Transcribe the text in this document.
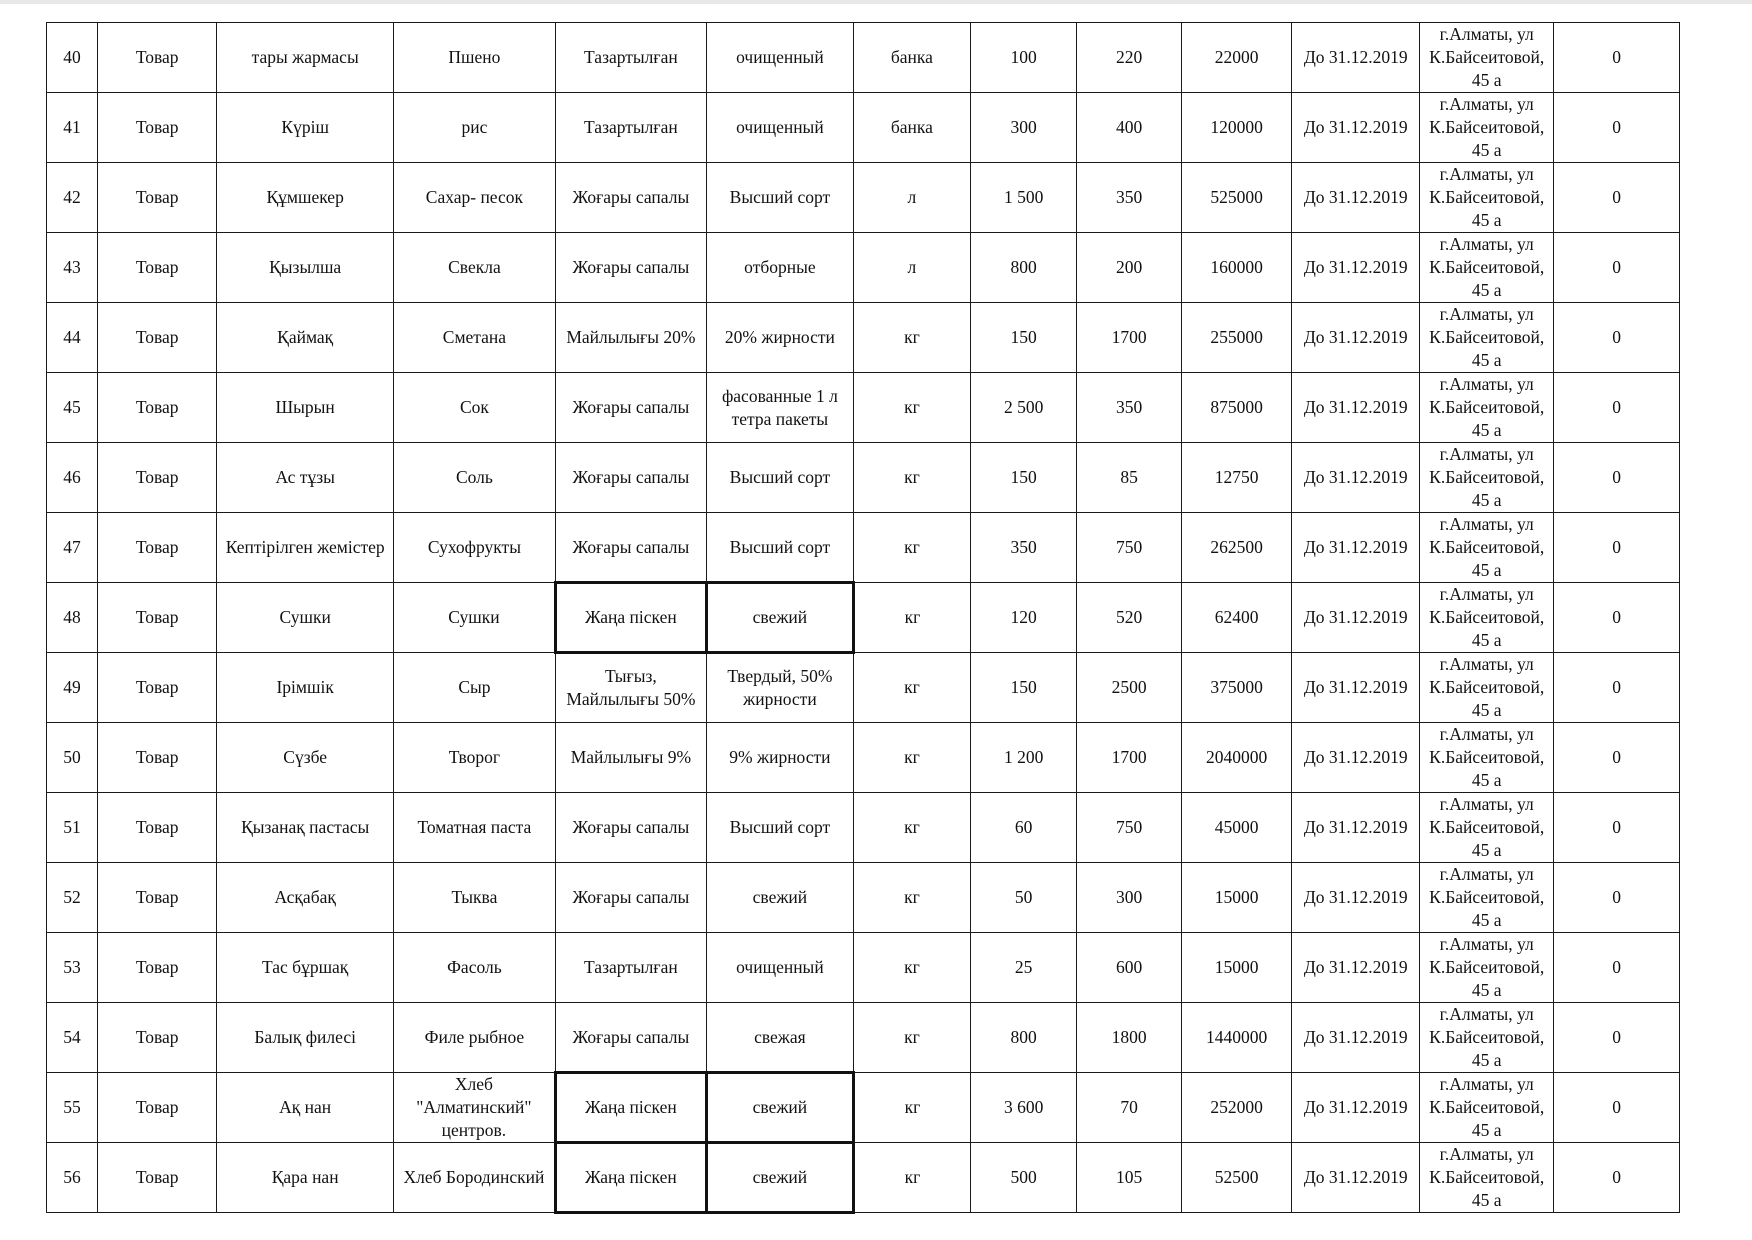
40	Товар	тары жармасы	Пшено	Тазартылған	очищенный	банка	100	220	22000	До 31.12.2019	г.Алматы, ул
К.Байсеитовой,
45 а	0
41	Товар	Күріш	рис	Тазартылған	очищенный	банка	300	400	120000	До 31.12.2019	г.Алматы, ул
К.Байсеитовой,
45 а	0
42	Товар	Құмшекер	Сахар- песок	Жоғары сапалы	Высший сорт	л	1 500	350	525000	До 31.12.2019	г.Алматы, ул
К.Байсеитовой,
45 а	0
43	Товар	Қызылша	Свекла	Жоғары сапалы	отборные	л	800	200	160000	До 31.12.2019	г.Алматы, ул
К.Байсеитовой,
45 а	0
44	Товар	Қаймақ	Сметана	Майлылығы 20%	20% жирности	кг	150	1700	255000	До 31.12.2019	г.Алматы, ул
К.Байсеитовой,
45 а	0
45	Товар	Шырын	Сок	Жоғары сапалы	фасованные 1 л тетра пакеты	кг	2 500	350	875000	До 31.12.2019	г.Алматы, ул
К.Байсеитовой,
45 а	0
46	Товар	Ас тұзы	Соль	Жоғары сапалы	Высший сорт	кг	150	85	12750	До 31.12.2019	г.Алматы, ул
К.Байсеитовой,
45 а	0
47	Товар	Кептірілген жемістер	Сухофрукты	Жоғары сапалы	Высший сорт	кг	350	750	262500	До 31.12.2019	г.Алматы, ул
К.Байсеитовой,
45 а	0
48	Товар	Сушки	Сушки	Жаңа піскен	свежий	кг	120	520	62400	До 31.12.2019	г.Алматы, ул
К.Байсеитовой,
45 а	0
49	Товар	Ірімшік	Сыр	Тығыз, Майлылығы 50%	Твердый, 50% жирности	кг	150	2500	375000	До 31.12.2019	г.Алматы, ул
К.Байсеитовой,
45 а	0
50	Товар	Сүзбе	Творог	Майлылығы 9%	9% жирности	кг	1 200	1700	2040000	До 31.12.2019	г.Алматы, ул
К.Байсеитовой,
45 а	0
51	Товар	Қызанақ пастасы	Томатная паста	Жоғары сапалы	Высший сорт	кг	60	750	45000	До 31.12.2019	г.Алматы, ул
К.Байсеитовой,
45 а	0
52	Товар	Асқабақ	Тыква	Жоғары сапалы	свежий	кг	50	300	15000	До 31.12.2019	г.Алматы, ул
К.Байсеитовой,
45 а	0
53	Товар	Тас бұршақ	Фасоль	Тазартылған	очищенный	кг	25	600	15000	До 31.12.2019	г.Алматы, ул
К.Байсеитовой,
45 а	0
54	Товар	Балық филесі	Филе рыбное	Жоғары сапалы	свежая	кг	800	1800	1440000	До 31.12.2019	г.Алматы, ул
К.Байсеитовой,
45 а	0
55	Товар	Ақ нан	Хлеб "Алматинский" центров.	Жаңа піскен	свежий	кг	3 600	70	252000	До 31.12.2019	г.Алматы, ул
К.Байсеитовой,
45 а	0
56	Товар	Қара нан	Хлеб Бородинский	Жаңа піскен	свежий	кг	500	105	52500	До 31.12.2019	г.Алматы, ул
К.Байсеитовой,
45 а	0
